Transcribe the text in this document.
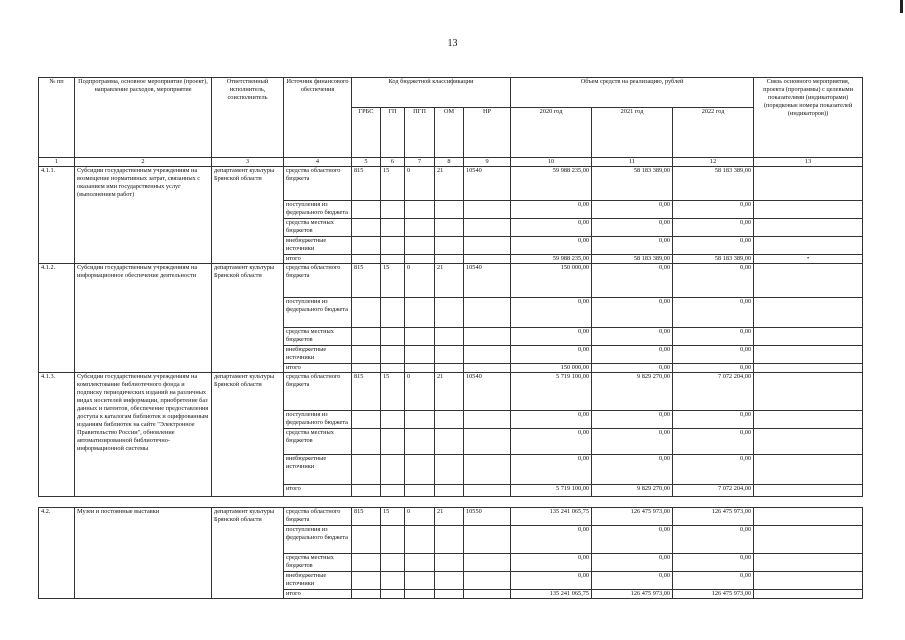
13
№ пп	Подпрограмма, основное мероприятие (проект), направление расходов, мероприятие	Ответственный исполнитель, соисполнитель	Источник финансового обеспечения	Код бюджетной классификации					Объем средств на реализацию, рублей			Связь основного мероприятия, проекта (программы) с целевыми показателями (индикаторами) (порядковые номера показателей (индикаторов))
				ГРБС	ГП	ПГП	ОМ	НР	2020 год	2021 год	2022 год	
1	2	3	4	5	6	7	8	9	10	11	12	13
4.1.1.	Субсидии государственным учреждениям на возмещение нормативных затрат, связанных с оказанием ими государственных услуг (выполнением работ)	департамент культуры Брянской области	средства областного бюджета	815	15	0	21	10540	59 988 235,00	58 183 389,00	58 183 389,00	
			поступления из федерального бюджета						0,00	0,00	0,00	
			средства местных бюджетов						0,00	0,00	0,00	
			внебюджетные источники						0,00	0,00	0,00	
			итого						59 988 235,00	58 183 389,00	58 183 389,00	•
4.1.2.	Субсидии государственным учреждениям на информационное обеспечение деятельности	департамент культуры Брянской области	средства областного бюджета	815	15	0	21	10540	150 000,00	0,00	0,00	
			поступления из федерального бюджета						0,00	0,00	0,00	
			средства местных бюджетов						0,00	0,00	0,00	
			внебюджетные источники						0,00	0,00	0,00	
			итого						150 000,00	0,00	0,00	
4.1.3.	Субсидии государственным учреждениям на комплектование библиотечного фонда и подписку периодических изданий на различных видах носителей информации, приобретение баз данных и патентов, обеспечение предоставления доступа к каталогам библиотек и оцифрованным изданиям библиотек на сайте "Электронное Правительство России", обновление автоматизированной библиотечно-информационной системы	департамент культуры Брянской области	средства областного бюджета	815	15	0	21	10540	5 719 100,00	9 829 270,00	7 072 204,00	
			поступления из федерального бюджета						0,00	0,00	0,00	
			средства местных бюджетов						0,00	0,00	0,00	
			внебюджетные источники						0,00	0,00	0,00	
			итого						5 719 100,00	9 829 270,00	7 072 204,00	

4.2.	Музеи и постоянные выставки	департамент культуры Брянской области	средства областного бюджета	815	15	0	21	10550	135 241 065,75	126 475 973,00	126 475 973,00	
			поступления из федерального бюджета						0,00	0,00	0,00	
			средства местных бюджетов						0,00	0,00	0,00	
			внебюджетные источники						0,00	0,00	0,00	
			итого						135 241 065,75	126 475 973,00	126 475 973,00	
